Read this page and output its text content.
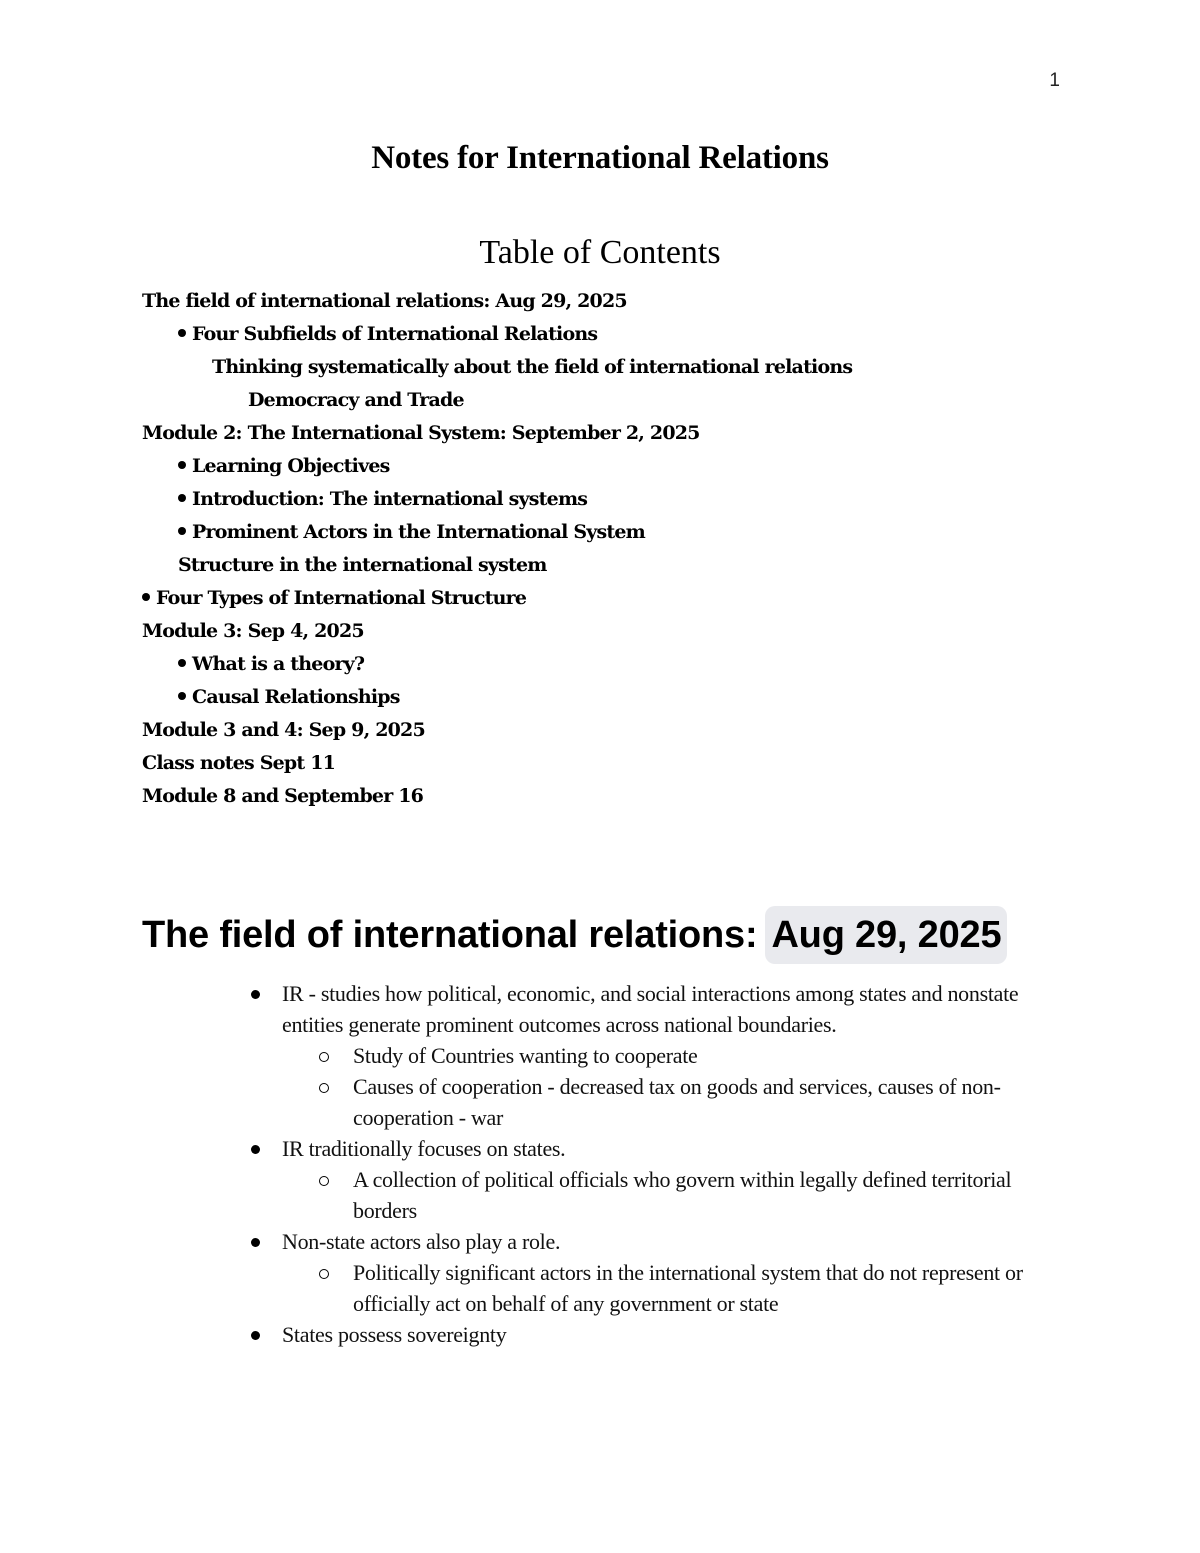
1
Notes for International Relations
Table of Contents
The field of international relations: Aug 29, 2025
Four Subfields of International Relations
Thinking systematically about the field of international relations
Democracy and Trade
Module 2: The International System: September 2, 2025
Learning Objectives
Introduction: The international systems
Prominent Actors in the International System
Structure in the international system
Four Types of International Structure
Module 3: Sep 4, 2025
What is a theory?
Causal Relationships
Module 3 and 4: Sep 9, 2025
Class notes Sept 11
Module 8 and September 16
The field of international relations: Aug 29, 2025
IR - studies how political, economic, and social interactions among states and nonstate entities generate prominent outcomes across national boundaries.
Study of Countries wanting to cooperate
Causes of cooperation - decreased tax on goods and services, causes of non-cooperation - war
IR traditionally focuses on states.
A collection of political officials who govern within legally defined territorial borders
Non-state actors also play a role.
Politically significant actors in the international system that do not represent or officially act on behalf of any government or state
States possess sovereignty
